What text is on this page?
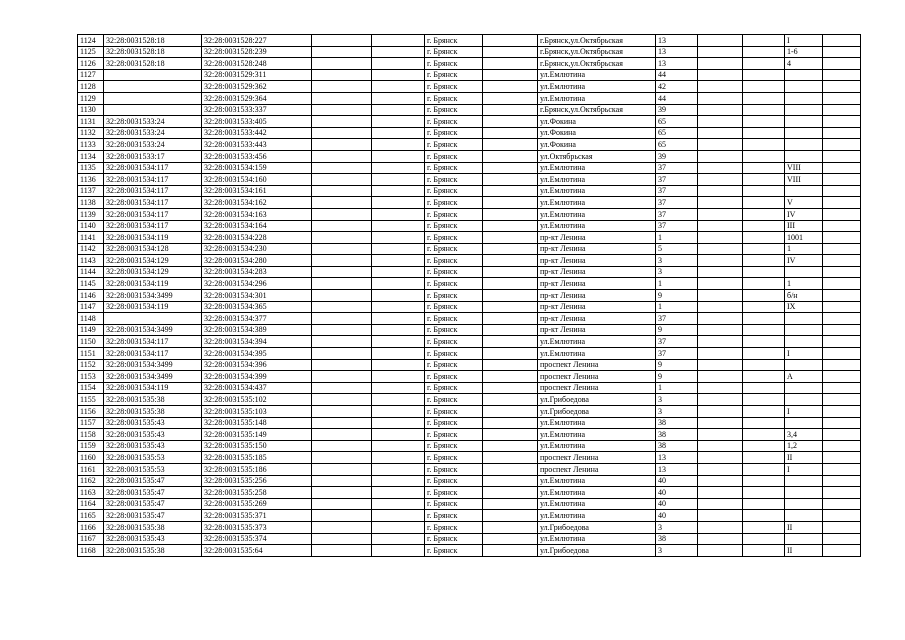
1124	32:28:0031528:18	32:28:0031528:227			г. Брянск		г.Брянск,ул.Октябрьская	13			I	
1125	32:28:0031528:18	32:28:0031528:239			г. Брянск		г.Брянск,ул.Октябрьская	13			1-6	
1126	32:28:0031528:18	32:28:0031528:248			г. Брянск		г.Брянск,ул.Октябрьская	13			4	
1127		32:28:0031529:311			г. Брянск		ул.Емлютина	44				
1128		32:28:0031529:362			г. Брянск		ул.Емлютина	42				
1129		32:28:0031529:364			г. Брянск		ул.Емлютина	44				
1130		32:28:0031533:337			г. Брянск		г.Брянск,ул.Октябрьская	39				
1131	32:28:0031533:24	32:28:0031533:405			г. Брянск		ул.Фокина	65				
1132	32:28:0031533:24	32:28:0031533:442			г. Брянск		ул.Фокина	65				
1133	32:28:0031533:24	32:28:0031533:443			г. Брянск		ул.Фокина	65				
1134	32:28:0031533:17	32:28:0031533:456			г. Брянск		ул.Октябрьская	39				
1135	32:28:0031534:117	32:28:0031534:159			г. Брянск		ул.Емлютина	37			VIII	
1136	32:28:0031534:117	32:28:0031534:160			г. Брянск		ул.Емлютина	37			VIII	
1137	32:28:0031534:117	32:28:0031534:161			г. Брянск		ул.Емлютина	37				
1138	32:28:0031534:117	32:28:0031534:162			г. Брянск		ул.Емлютина	37			V	
1139	32:28:0031534:117	32:28:0031534:163			г. Брянск		ул.Емлютина	37			IV	
1140	32:28:0031534:117	32:28:0031534:164			г. Брянск		ул.Емлютина	37			III	
1141	32:28:0031534:119	32:28:0031534:228			г. Брянск		пр-кт Ленина	1			1001	
1142	32:28:0031534:128	32:28:0031534:230			г. Брянск		пр-кт Ленина	5			1	
1143	32:28:0031534:129	32:28:0031534:280			г. Брянск		пр-кт Ленина	3			IV	
1144	32:28:0031534:129	32:28:0031534:283			г. Брянск		пр-кт Ленина	3				
1145	32:28:0031534:119	32:28:0031534:296			г. Брянск		пр-кт Ленина	1			1	
1146	32:28:0031534:3499	32:28:0031534:301			г. Брянск		пр-кт Ленина	9			б/н	
1147	32:28:0031534:119	32:28:0031534:365			г. Брянск		пр-кт Ленина	1			IX	
1148		32:28:0031534:377			г. Брянск		пр-кт Ленина	37				
1149	32:28:0031534:3499	32:28:0031534:389			г. Брянск		пр-кт Ленина	9				
1150	32:28:0031534:117	32:28:0031534:394			г. Брянск		ул.Емлютина	37				
1151	32:28:0031534:117	32:28:0031534:395			г. Брянск		ул.Емлютина	37			I	
1152	32:28:0031534:3499	32:28:0031534:396			г. Брянск		проспект Ленина	9				
1153	32:28:0031534:3499	32:28:0031534:399			г. Брянск		проспект Ленина	9			А	
1154	32:28:0031534:119	32:28:0031534:437			г. Брянск		проспект Ленина	1				
1155	32:28:0031535:38	32:28:0031535:102			г. Брянск		ул.Грибоедова	3				
1156	32:28:0031535:38	32:28:0031535:103			г. Брянск		ул.Грибоедова	3			I	
1157	32:28:0031535:43	32:28:0031535:148			г. Брянск		ул.Емлютина	38				
1158	32:28:0031535:43	32:28:0031535:149			г. Брянск		ул.Емлютина	38			3,4	
1159	32:28:0031535:43	32:28:0031535:150			г. Брянск		ул.Емлютина	38			1,2	
1160	32:28:0031535:53	32:28:0031535:185			г. Брянск		проспект Ленина	13			II	
1161	32:28:0031535:53	32:28:0031535:186			г. Брянск		проспект Ленина	13			I	
1162	32:28:0031535:47	32:28:0031535:256			г. Брянск		ул.Емлютина	40				
1163	32:28:0031535:47	32:28:0031535:258			г. Брянск		ул.Емлютина	40				
1164	32:28:0031535:47	32:28:0031535:269			г. Брянск		ул.Емлютина	40				
1165	32:28:0031535:47	32:28:0031535:371			г. Брянск		ул.Емлютина	40				
1166	32:28:0031535:38	32:28:0031535:373			г. Брянск		ул.Грибоедова	3			II	
1167	32:28:0031535:43	32:28:0031535:374			г. Брянск		ул.Емлютина	38				
1168	32:28:0031535:38	32:28:0031535:64			г. Брянск		ул.Грибоедова	3			II	
